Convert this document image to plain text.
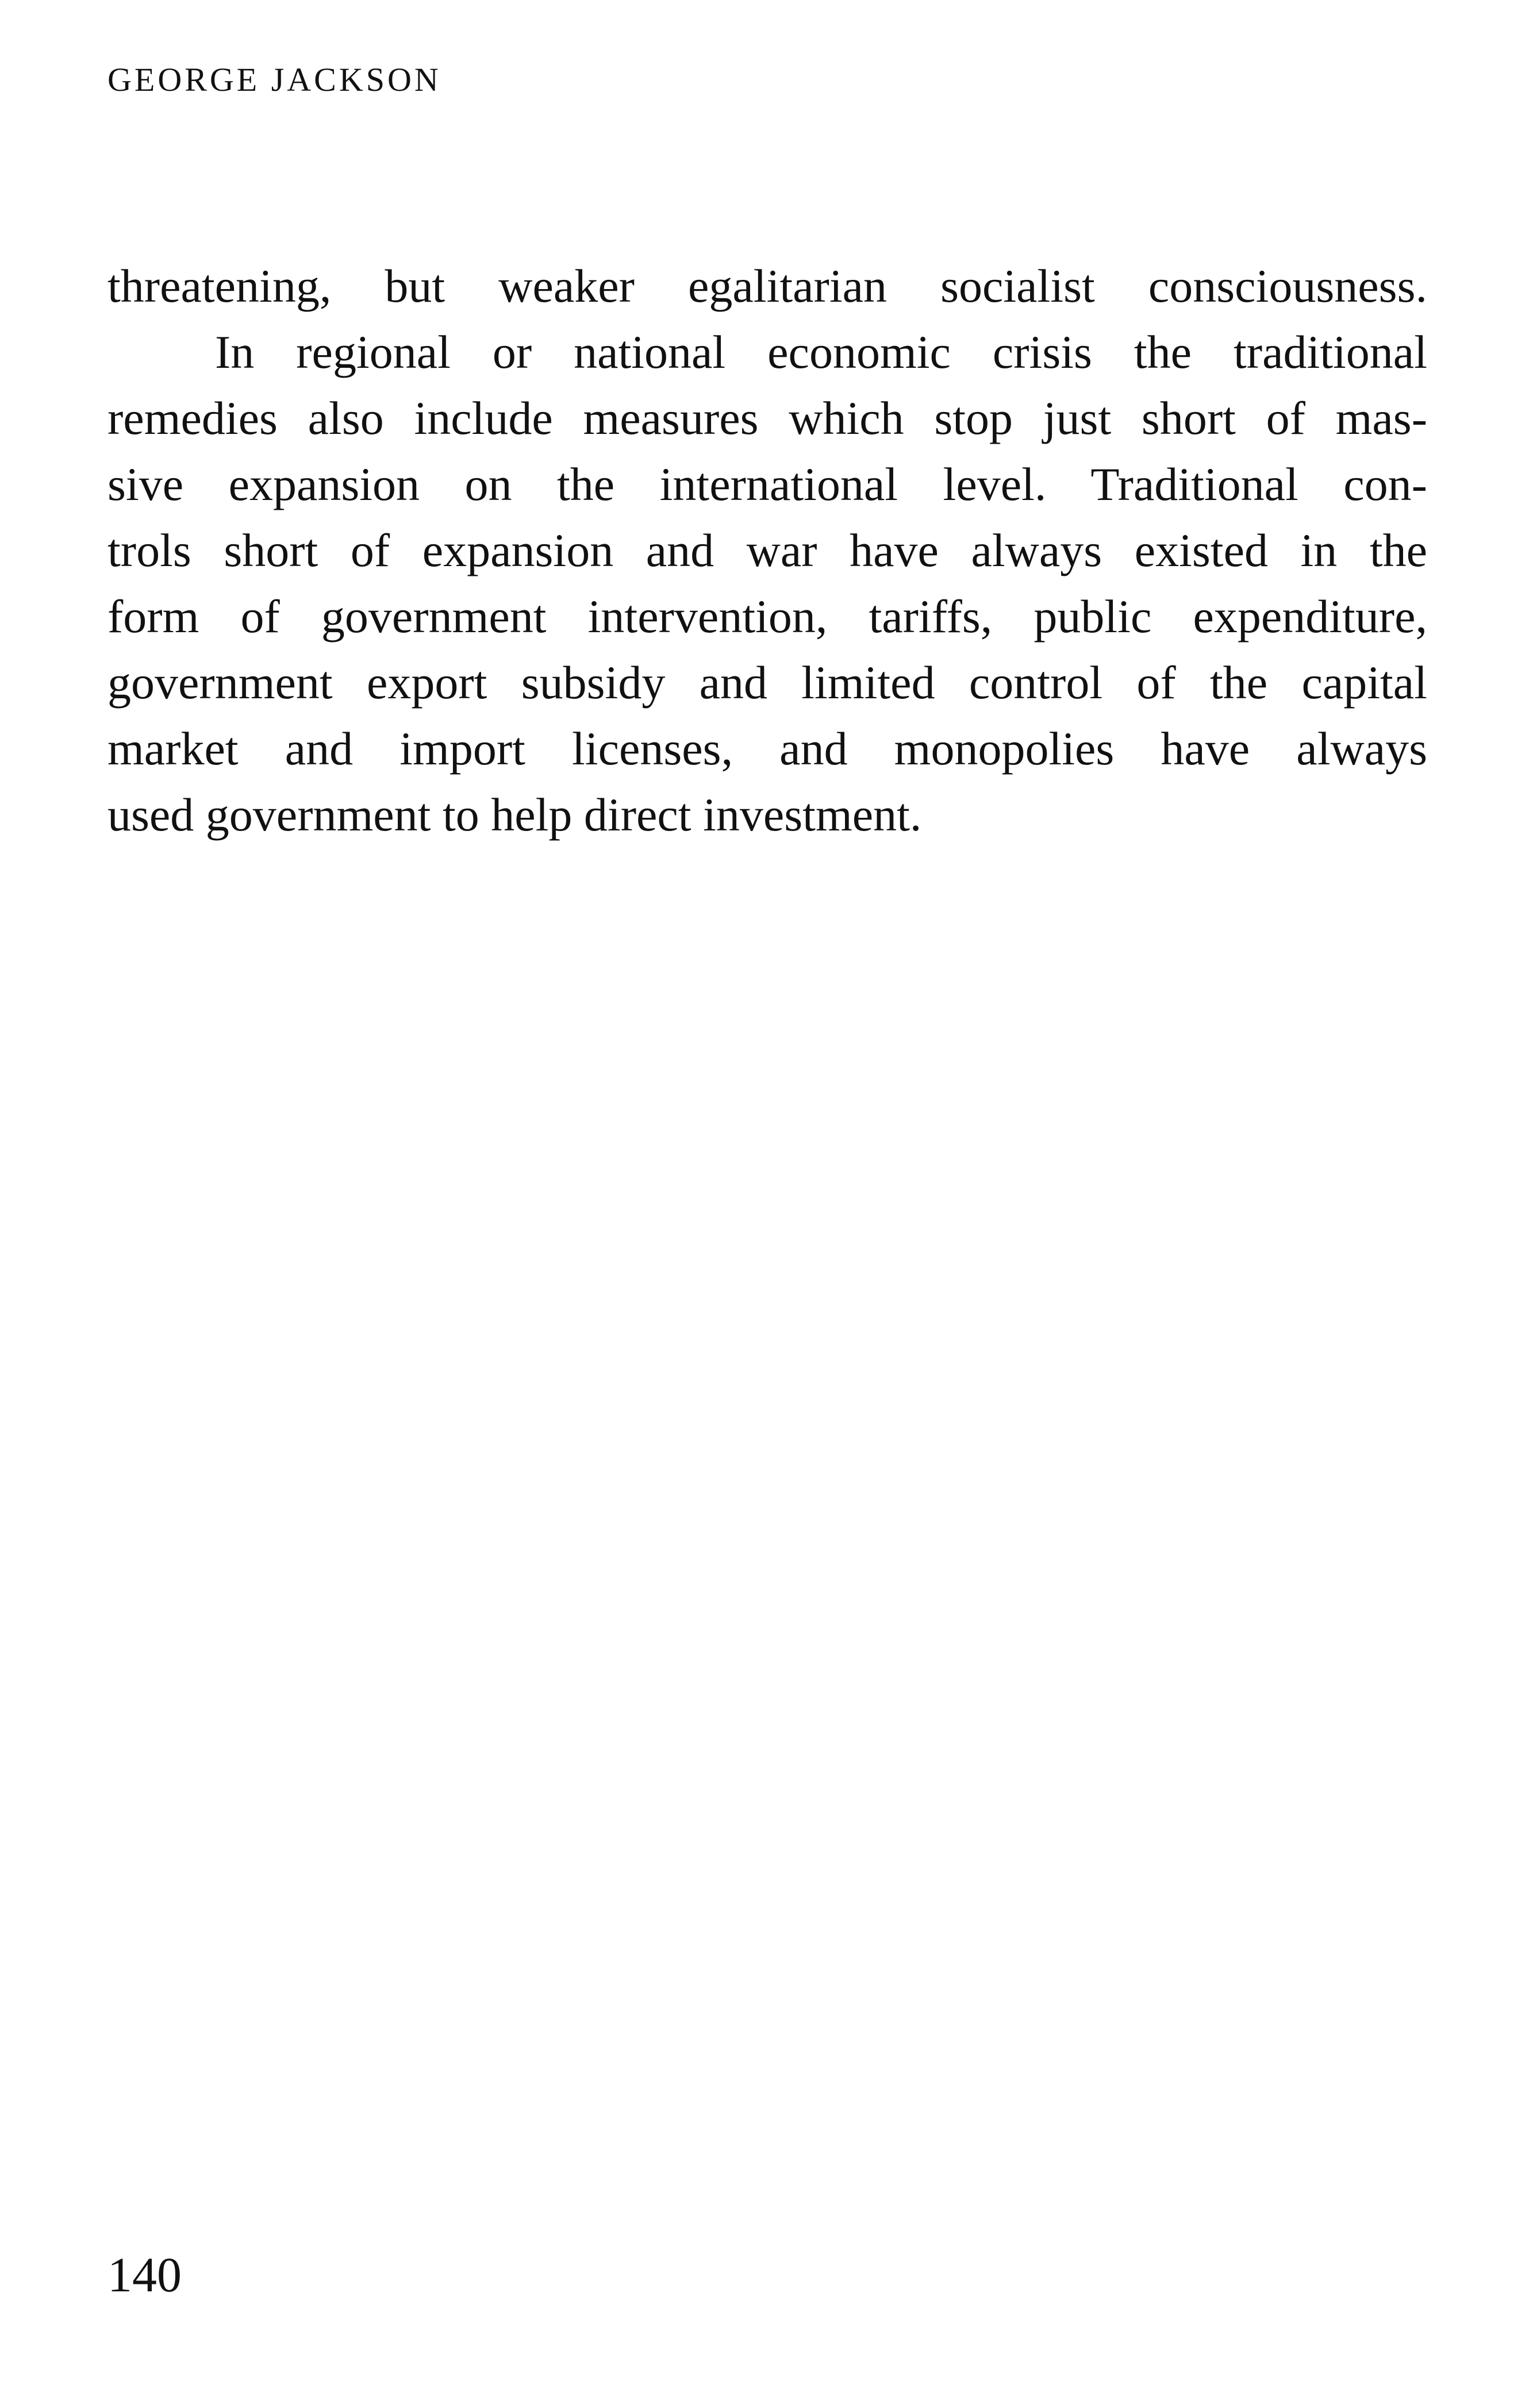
GEORGE JACKSON
threatening, but weaker egalitarian socialist consciousness.
In regional or national economic crisis the traditional
remedies also include measures which stop just short of mas-
sive expansion on the international level. Traditional con-
trols short of expansion and war have always existed in the
form of government intervention, tariffs, public expenditure,
government export subsidy and limited control of the capital
market and import licenses, and monopolies have always
used government to help direct investment.
140
